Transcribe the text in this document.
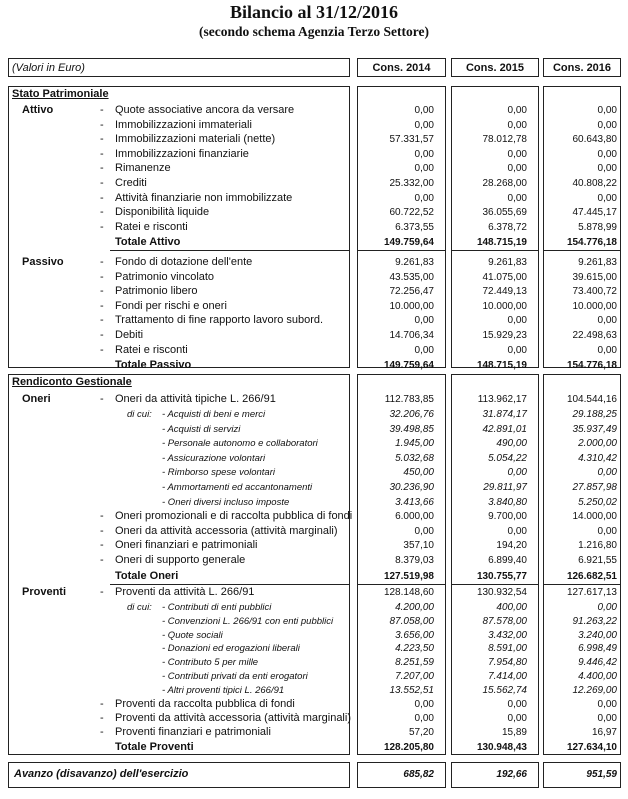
Bilancio al 31/12/2016
(secondo schema Agenzia Terzo Settore)
(Valori in Euro)	Cons. 2014	Cons. 2015	Cons. 2016
Stato Patrimoniale
Attivo	- Quote associative ancora da versare	0,00	0,00	0,00
- Immobilizzazioni immateriali	0,00	0,00	0,00
- Immobilizzazioni materiali (nette)	57.331,57	78.012,78	60.643,80
- Immobilizzazioni finanziarie	0,00	0,00	0,00
- Rimanenze	0,00	0,00	0,00
- Crediti	25.332,00	28.268,00	40.808,22
- Attività finanziarie non immobilizzate	0,00	0,00	0,00
- Disponibilità liquide	60.722,52	36.055,69	47.445,17
- Ratei e risconti	6.373,55	6.378,72	5.878,99
Totale Attivo	149.759,64	148.715,19	154.776,18
Passivo	- Fondo di dotazione dell'ente	9.261,83	9.261,83	9.261,83
- Patrimonio vincolato	43.535,00	41.075,00	39.615,00
- Patrimonio libero	72.256,47	72.449,13	73.400,72
- Fondi per rischi e oneri	10.000,00	10.000,00	10.000,00
- Trattamento di fine rapporto lavoro subord.	0,00	0,00	0,00
- Debiti	14.706,34	15.929,23	22.498,63
- Ratei e risconti	0,00	0,00	0,00
Totale Passivo	149.759,64	148.715,19	154.776,18
Rendiconto Gestionale
Oneri	- Oneri da attività tipiche L. 266/91	112.783,85	113.962,17	104.544,16
di cui: - Acquisti di beni e merci	32.206,76	31.874,17	29.188,25
- Acquisti di servizi	39.498,85	42.891,01	35.937,49
- Personale autonomo e collaboratori	1.945,00	490,00	2.000,00
- Assicurazione volontari	5.032,68	5.054,22	4.310,42
- Rimborso spese volontari	450,00	0,00	0,00
- Ammortamenti ed accantonamenti	30.236,90	29.811,97	27.857,98
- Oneri diversi incluso imposte	3.413,66	3.840,80	5.250,02
- Oneri promozionali e di raccolta pubblica di fondi	6.000,00	9.700,00	14.000,00
- Oneri da attività accessoria (attività marginali)	0,00	0,00	0,00
- Oneri finanziari e patrimoniali	357,10	194,20	1.216,80
- Oneri di supporto generale	8.379,03	6.899,40	6.921,55
Totale Oneri	127.519,98	130.755,77	126.682,51
Proventi	- Proventi da attività L. 266/91	128.148,60	130.932,54	127.617,13
di cui: - Contributi di enti pubblici	4.200,00	400,00	0,00
- Convenzioni L. 266/91 con enti pubblici	87.058,00	87.578,00	91.263,22
- Quote sociali	3.656,00	3.432,00	3.240,00
- Donazioni ed erogazioni liberali	4.223,50	8.591,00	6.998,49
- Contributo 5 per mille	8.251,59	7.954,80	9.446,42
- Contributi privati da enti erogatori	7.207,00	7.414,00	4.400,00
- Altri proventi tipici L. 266/91	13.552,51	15.562,74	12.269,00
- Proventi da raccolta pubblica di fondi	0,00	0,00	0,00
- Proventi da attività accessoria (attività marginali)	0,00	0,00	0,00
- Proventi finanziari e patrimoniali	57,20	15,89	16,97
Totale Proventi	128.205,80	130.948,43	127.634,10
Avanzo (disavanzo) dell'esercizio	685,82	192,66	951,59
